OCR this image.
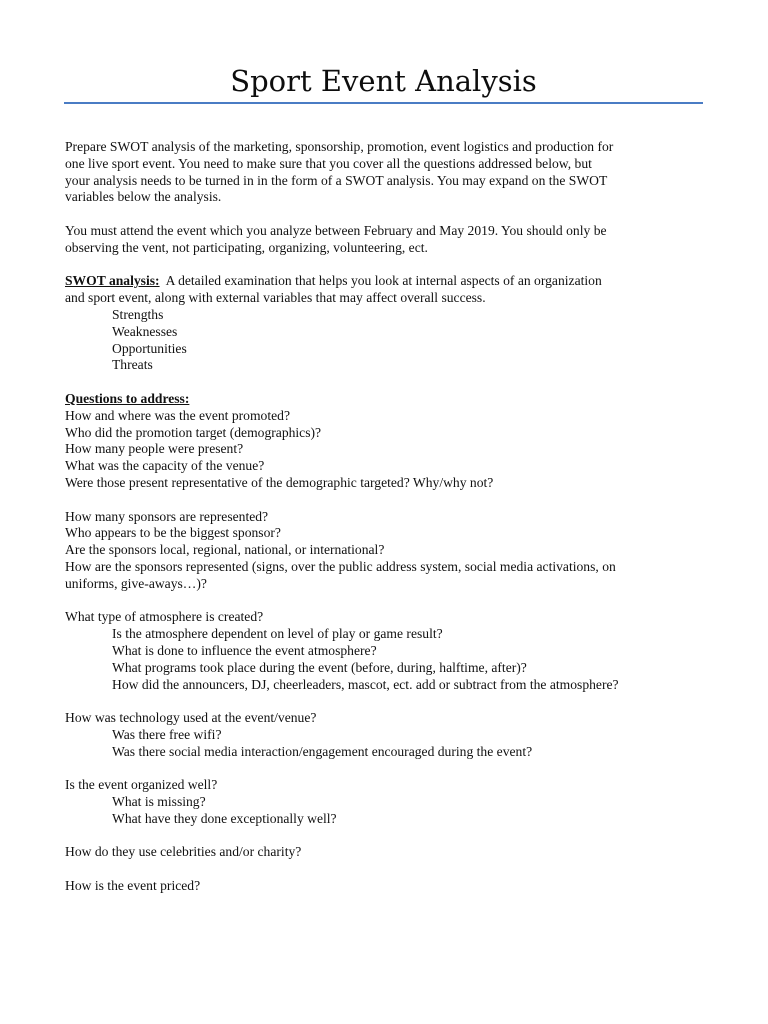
Sport Event Analysis
Prepare SWOT analysis of the marketing, sponsorship, promotion, event logistics and production for
one live sport event. You need to make sure that you cover all the questions addressed below, but
your analysis needs to be turned in in the form of a SWOT analysis. You may expand on the SWOT
variables below the analysis.
You must attend the event which you analyze between February and May 2019. You should only be
observing the vent, not participating, organizing, volunteering, ect.
SWOT analysis:  A detailed examination that helps you look at internal aspects of an organization
and sport event, along with external variables that may affect overall success.
Strengths
Weaknesses
Opportunities
Threats
Questions to address:
How and where was the event promoted?
Who did the promotion target (demographics)?
How many people were present?
What was the capacity of the venue?
Were those present representative of the demographic targeted? Why/why not?
How many sponsors are represented?
Who appears to be the biggest sponsor?
Are the sponsors local, regional, national, or international?
How are the sponsors represented (signs, over the public address system, social media activations, on
uniforms, give-aways…)?
What type of atmosphere is created?
Is the atmosphere dependent on level of play or game result?
What is done to influence the event atmosphere?
What programs took place during the event (before, during, halftime, after)?
How did the announcers, DJ, cheerleaders, mascot, ect. add or subtract from the atmosphere?
How was technology used at the event/venue?
Was there free wifi?
Was there social media interaction/engagement encouraged during the event?
Is the event organized well?
What is missing?
What have they done exceptionally well?
How do they use celebrities and/or charity?
How is the event priced?
